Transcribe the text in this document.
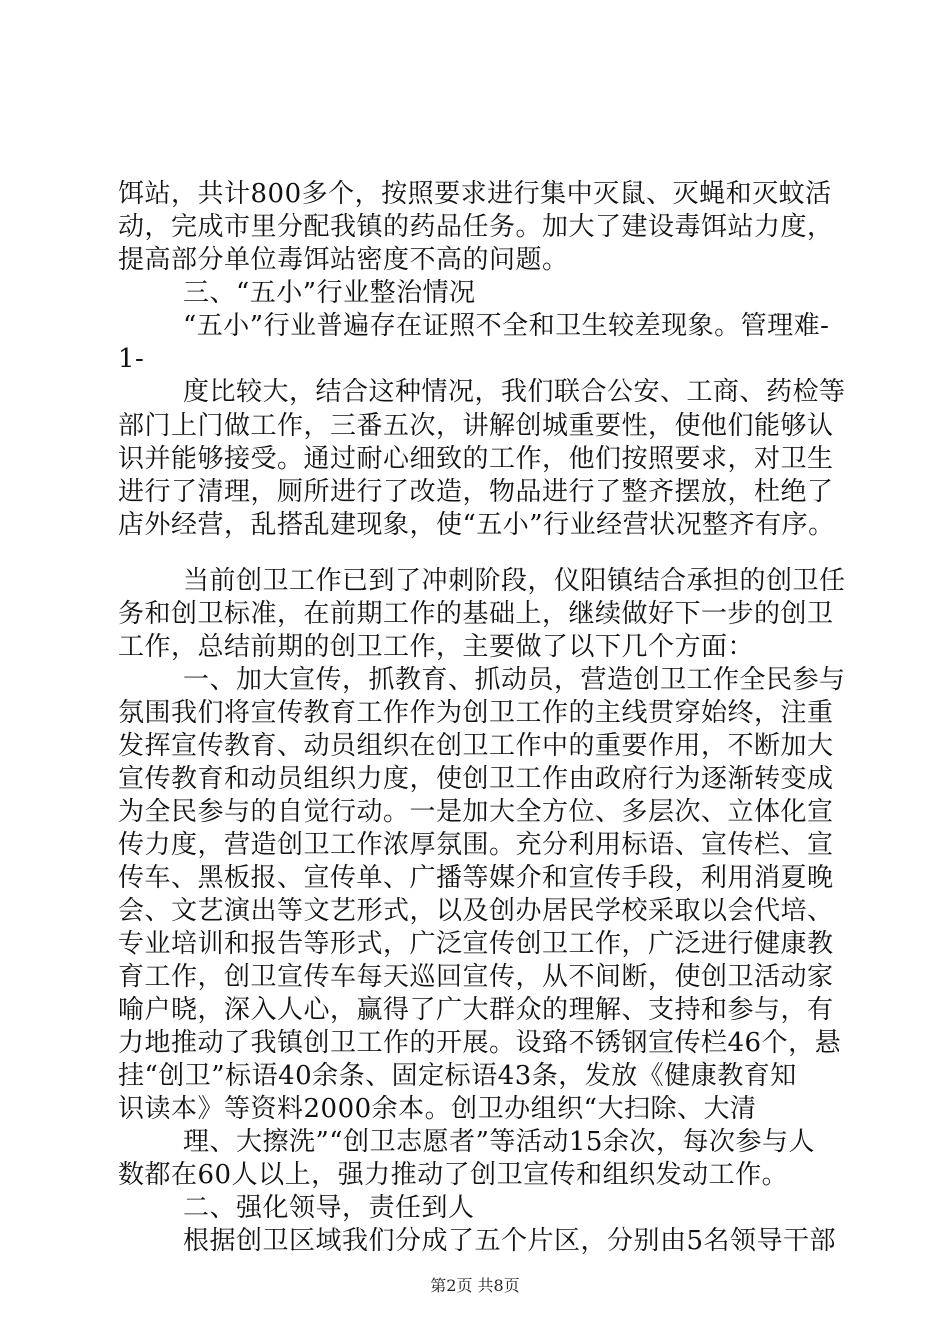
饵站，共计800多个，按照要求进行集中灭鼠、灭蝇和灭蚊活
动，完成市里分配我镇的药品任务。加大了建设毒饵站力度，
提高部分单位毒饵站密度不高的问题。
三、“五小”行业整治情况
“五小”行业普遍存在证照不全和卫生较差现象。管理难-
1-
度比较大，结合这种情况，我们联合公安、工商、药检等
部门上门做工作，三番五次，讲解创城重要性，使他们能够认
识并能够接受。通过耐心细致的工作，他们按照要求，对卫生
进行了清理，厕所进行了改造，物品进行了整齐摆放，杜绝了
店外经营，乱搭乱建现象，使“五小”行业经营状况整齐有序。
当前创卫工作已到了冲刺阶段，仪阳镇结合承担的创卫任
务和创卫标准，在前期工作的基础上，继续做好下一步的创卫
工作，总结前期的创卫工作，主要做了以下几个方面：
一、加大宣传，抓教育、抓动员，营造创卫工作全民参与
氛围我们将宣传教育工作作为创卫工作的主线贯穿始终，注重
发挥宣传教育、动员组织在创卫工作中的重要作用，不断加大
宣传教育和动员组织力度，使创卫工作由政府行为逐渐转变成
为全民参与的自觉行动。一是加大全方位、多层次、立体化宣
传力度，营造创卫工作浓厚氛围。充分利用标语、宣传栏、宣
传车、黑板报、宣传单、广播等媒介和宣传手段，利用消夏晚
会、文艺演出等文艺形式，以及创办居民学校采取以会代培、
专业培训和报告等形式，广泛宣传创卫工作，广泛进行健康教
育工作，创卫宣传车每天巡回宣传，从不间断，使创卫活动家
喻户晓，深入人心，赢得了广大群众的理解、支持和参与，有
力地推动了我镇创卫工作的开展。设臵不锈钢宣传栏46个，悬
挂“创卫”标语40余条、固定标语43条，发放《健康教育知
识读本》等资料2000余本。创卫办组织“大扫除、大清
理、大擦洗”“创卫志愿者”等活动15余次，每次参与人
数都在60人以上，强力推动了创卫宣传和组织发动工作。
二、强化领导，责任到人
根据创卫区域我们分成了五个片区，分别由5名领导干部
第2页 共8页
